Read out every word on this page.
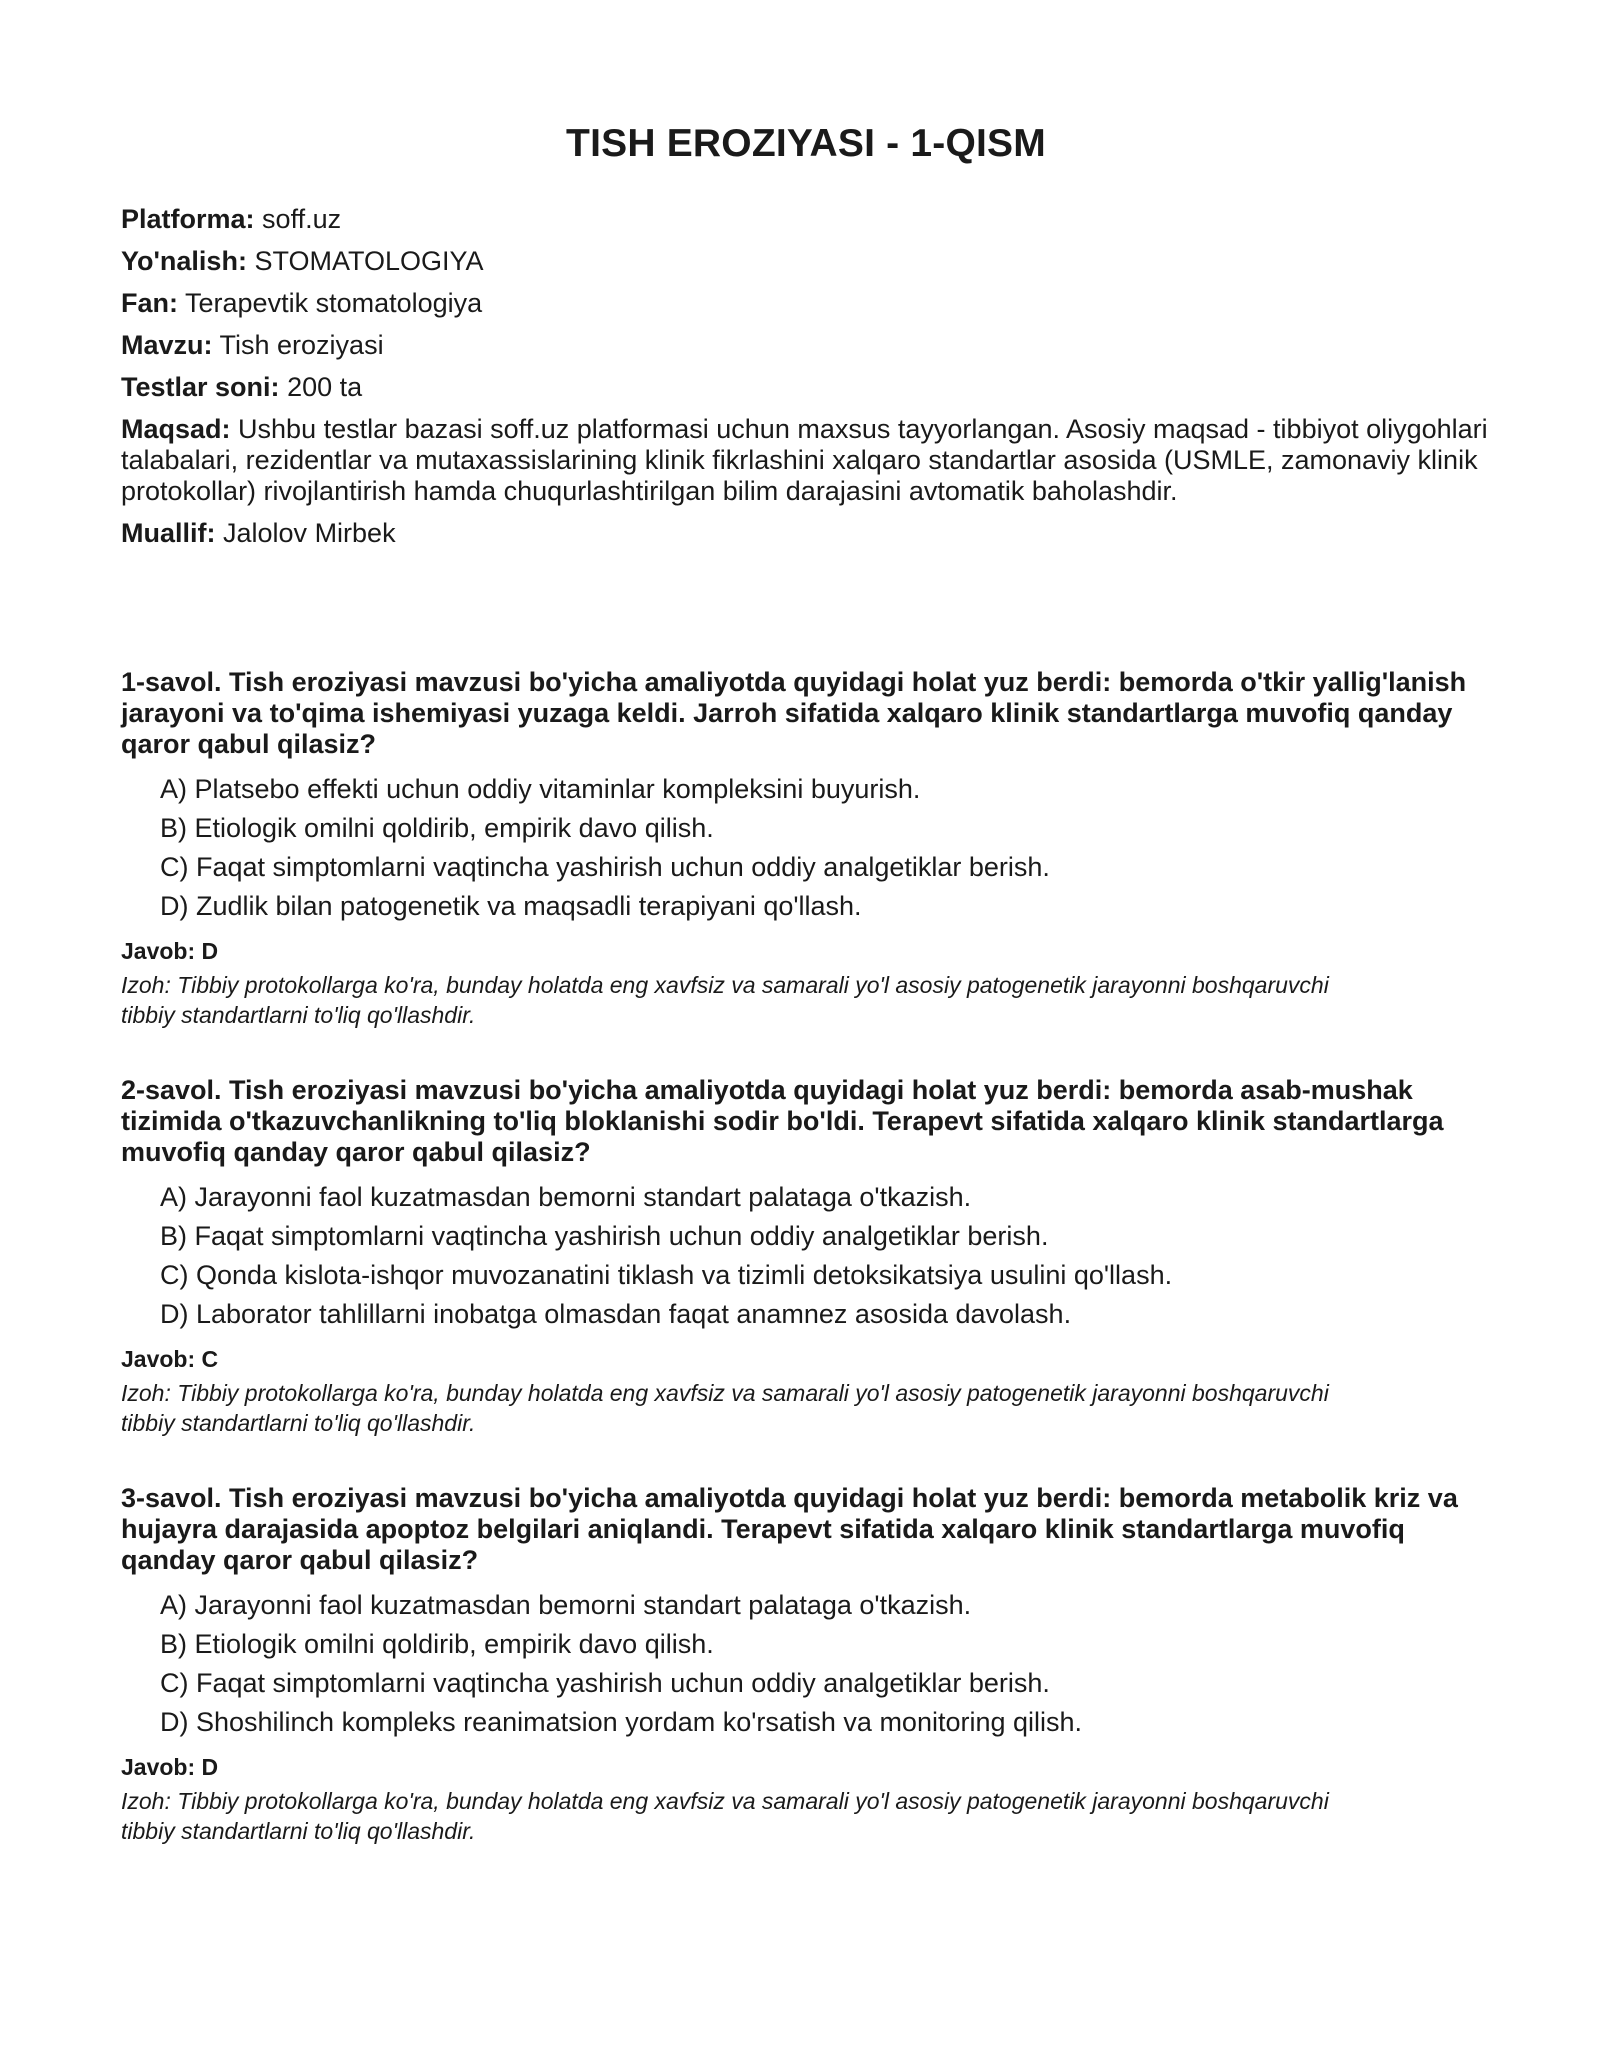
TISH EROZIYASI - 1-QISM
Platforma: soff.uz
Yo'nalish: STOMATOLOGIYA
Fan: Terapevtik stomatologiya
Mavzu: Tish eroziyasi
Testlar soni: 200 ta
Maqsad: Ushbu testlar bazasi soff.uz platformasi uchun maxsus tayyorlangan. Asosiy maqsad - tibbiyot oliygohlari talabalari, rezidentlar va mutaxassislarining klinik fikrlashini xalqaro standartlar asosida (USMLE, zamonaviy klinik protokollar) rivojlantirish hamda chuqurlashtirilgan bilim darajasini avtomatik baholashdir.
Muallif: Jalolov Mirbek
1-savol. Tish eroziyasi mavzusi bo'yicha amaliyotda quyidagi holat yuz berdi: bemorda o'tkir yallig'lanish jarayoni va to'qima ishemiyasi yuzaga keldi. Jarroh sifatida xalqaro klinik standartlarga muvofiq qanday qaror qabul qilasiz?
A) Platsebo effekti uchun oddiy vitaminlar kompleksini buyurish.
B) Etiologik omilni qoldirib, empirik davo qilish.
C) Faqat simptomlarni vaqtincha yashirish uchun oddiy analgetiklar berish.
D) Zudlik bilan patogenetik va maqsadli terapiyani qo'llash.
Javob: D
Izoh: Tibbiy protokollarga ko'ra, bunday holatda eng xavfsiz va samarali yo'l asosiy patogenetik jarayonni boshqaruvchi tibbiy standartlarni to'liq qo'llashdir.
2-savol. Tish eroziyasi mavzusi bo'yicha amaliyotda quyidagi holat yuz berdi: bemorda asab-mushak tizimida o'tkazuvchanlikning to'liq bloklanishi sodir bo'ldi. Terapevt sifatida xalqaro klinik standartlarga muvofiq qanday qaror qabul qilasiz?
A) Jarayonni faol kuzatmasdan bemorni standart palataga o'tkazish.
B) Faqat simptomlarni vaqtincha yashirish uchun oddiy analgetiklar berish.
C) Qonda kislota-ishqor muvozanatini tiklash va tizimli detoksikatsiya usulini qo'llash.
D) Laborator tahlillarni inobatga olmasdan faqat anamnez asosida davolash.
Javob: C
Izoh: Tibbiy protokollarga ko'ra, bunday holatda eng xavfsiz va samarali yo'l asosiy patogenetik jarayonni boshqaruvchi tibbiy standartlarni to'liq qo'llashdir.
3-savol. Tish eroziyasi mavzusi bo'yicha amaliyotda quyidagi holat yuz berdi: bemorda metabolik kriz va hujayra darajasida apoptoz belgilari aniqlandi. Terapevt sifatida xalqaro klinik standartlarga muvofiq qanday qaror qabul qilasiz?
A) Jarayonni faol kuzatmasdan bemorni standart palataga o'tkazish.
B) Etiologik omilni qoldirib, empirik davo qilish.
C) Faqat simptomlarni vaqtincha yashirish uchun oddiy analgetiklar berish.
D) Shoshilinch kompleks reanimatsion yordam ko'rsatish va monitoring qilish.
Javob: D
Izoh: Tibbiy protokollarga ko'ra, bunday holatda eng xavfsiz va samarali yo'l asosiy patogenetik jarayonni boshqaruvchi tibbiy standartlarni to'liq qo'llashdir.
